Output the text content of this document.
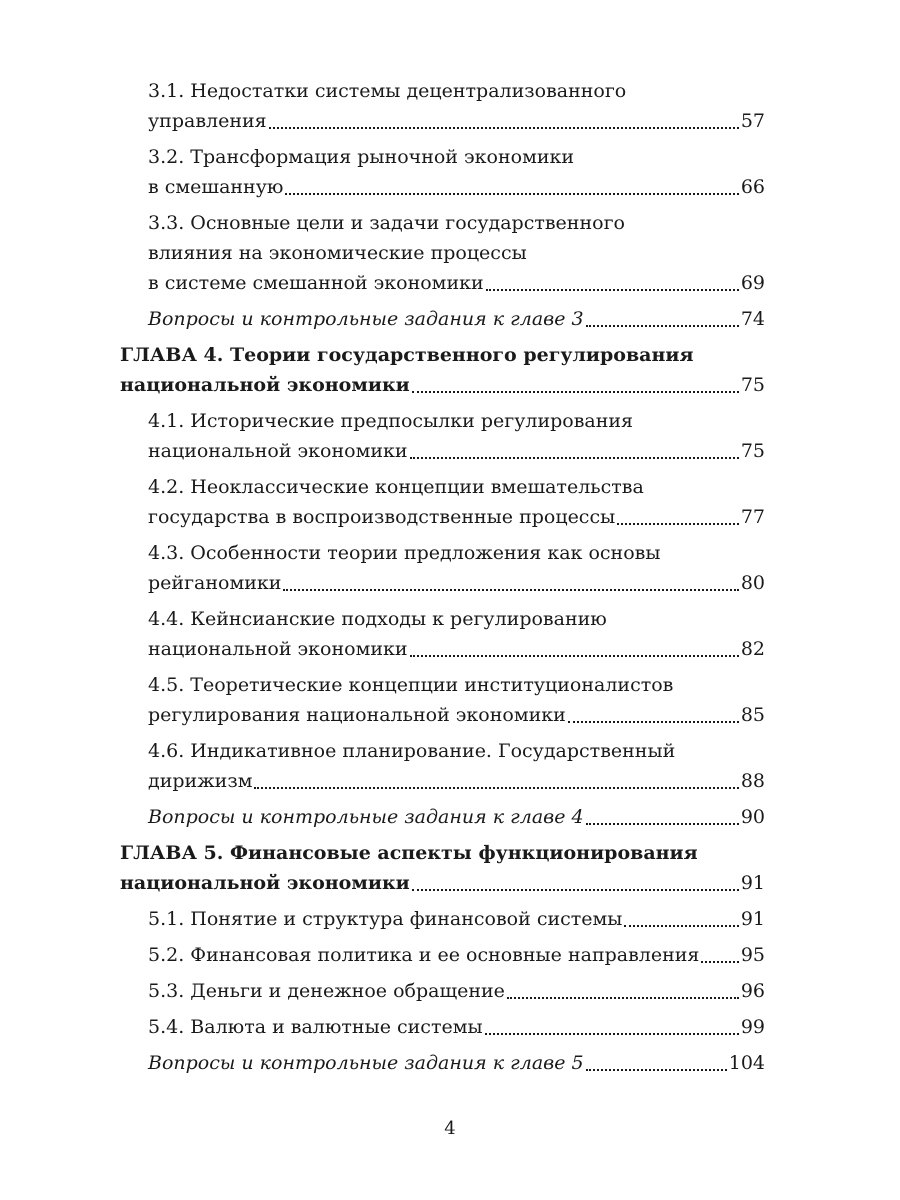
3.1. Недостатки системы децентрализованного
управления	57
3.2. Трансформация рыночной экономики
в смешанную	66
3.3. Основные цели и задачи государственного
влияния на экономические процессы
в системе смешанной экономики	69
Вопросы и контрольные задания к главе 3	74
ГЛАВА 4. Теории государственного регулирования
национальной экономики	75
4.1. Исторические предпосылки регулирования
национальной экономики	75
4.2. Неоклассические концепции вмешательства
государства в воспроизводственные процессы	77
4.3. Особенности теории предложения как основы
рейганомики	80
4.4. Кейнсианские подходы к регулированию
национальной экономики	82
4.5. Теоретические концепции институционалистов
регулирования национальной экономики	85
4.6. Индикативное планирование. Государственный
дирижизм	88
Вопросы и контрольные задания к главе 4	90
ГЛАВА 5. Финансовые аспекты функционирования
национальной экономики	91
5.1. Понятие и структура финансовой системы	91
5.2. Финансовая политика и ее основные направления 95
5.3. Деньги и денежное обращение	96
5.4. Валюта и валютные системы	99
Вопросы и контрольные задания к главе 5	104
4
